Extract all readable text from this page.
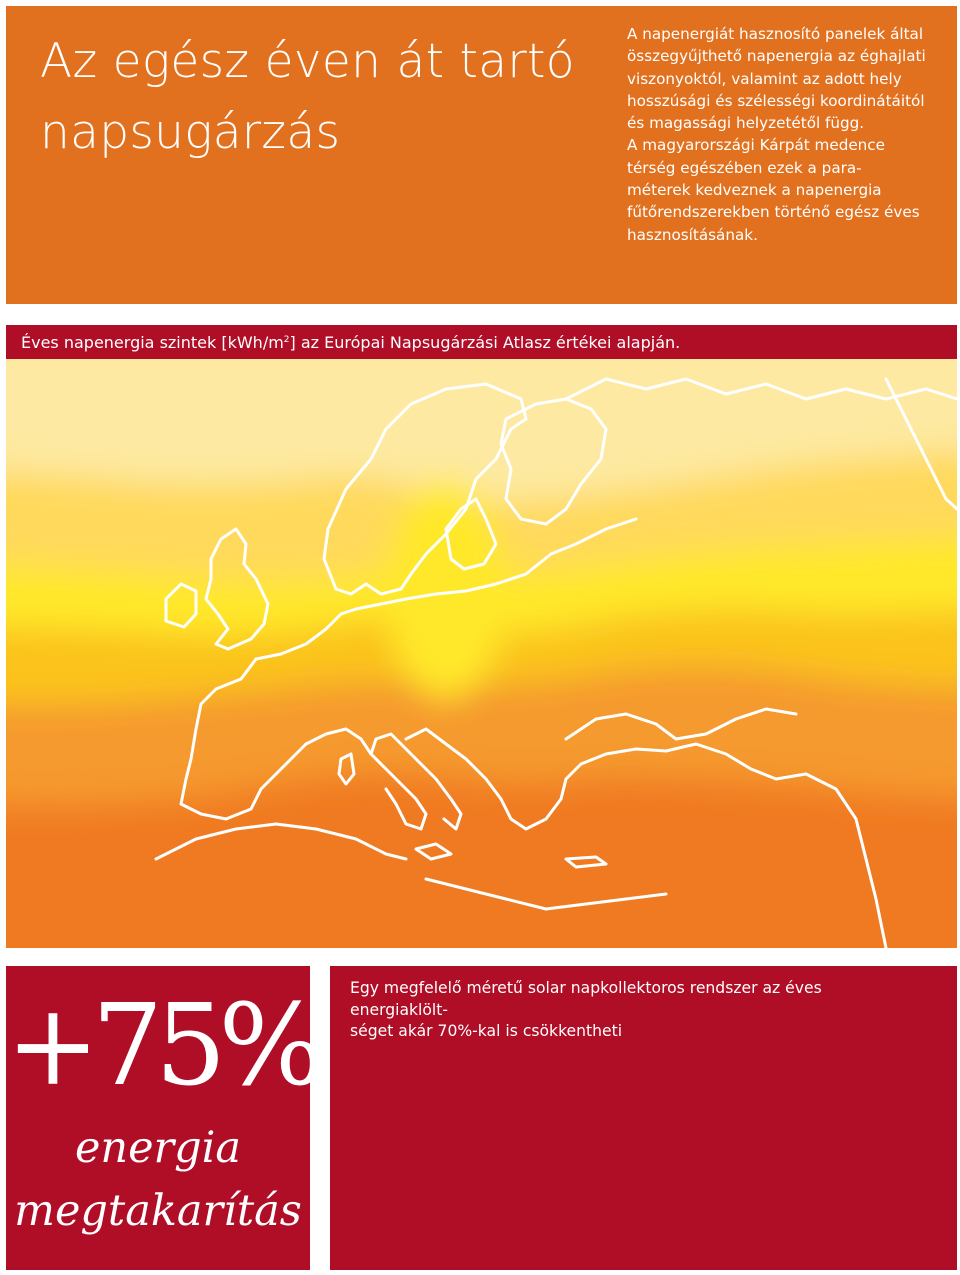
Az egész éven át tartó napsugárzás

A napenergiát hasznosító panelek által
összegyűjthető napenergia az éghajlati
viszonyoktól, valamint az adott hely
hosszúsági és szélességi koordinátáitól
és magassági helyzetétől függ.
A magyarországi Kárpát medence
térség egészében ezek a para-
méterek kedveznek a napenergia
fűtőrendszerekben történő egész éves
hasznosításának.

Éves napenergia szintek $[kWh/m^2]$ az Európai Napsugárzási Atlasz értékei alapján.
+75%
energia
megtakarítás

Egy megfelelő méretű solar napkollektoros rendszer az éves energiaklölt-
séget akár 70%-kal is csökkentheti
